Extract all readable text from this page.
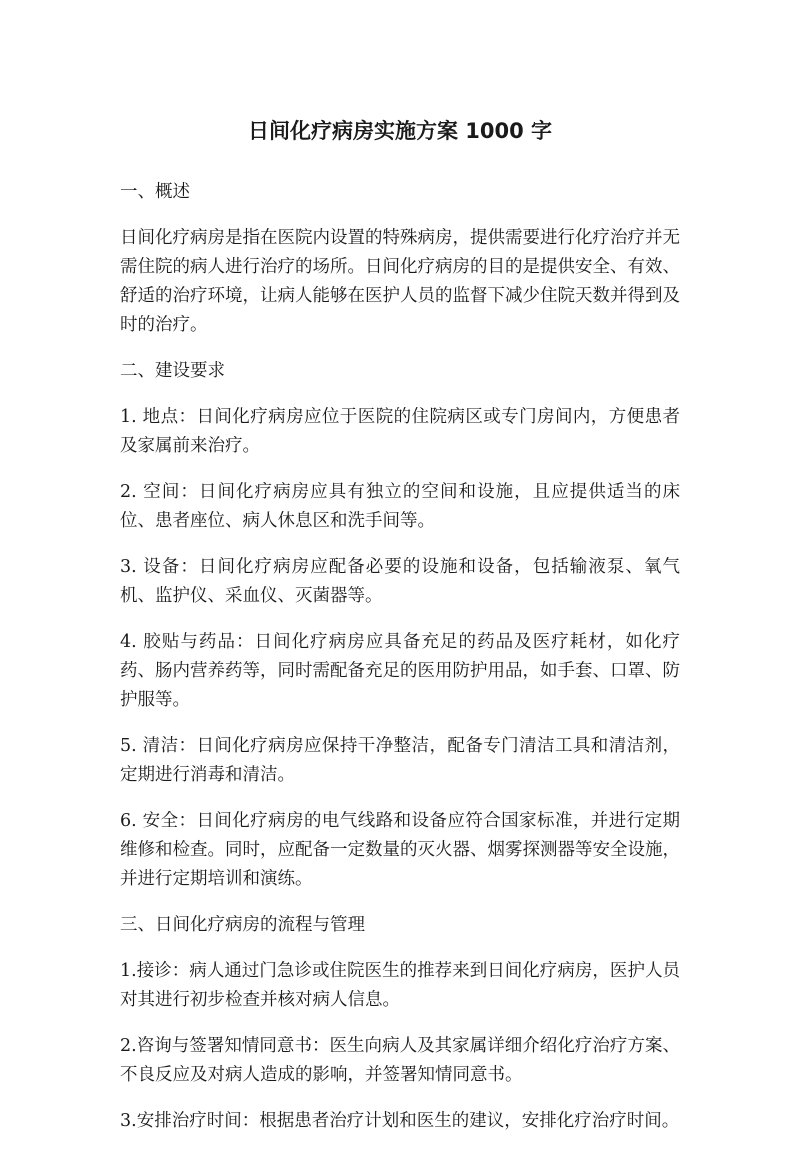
日间化疗病房实施方案 1000 字

一、概述

日间化疗病房是指在医院内设置的特殊病房，提供需要进行化疗治疗并无需住院的病人进行治疗的场所。日间化疗病房的目的是提供安全、有效、舒适的治疗环境，让病人能够在医护人员的监督下减少住院天数并得到及时的治疗。

二、建设要求

1. 地点：日间化疗病房应位于医院的住院病区或专门房间内，方便患者及家属前来治疗。

2. 空间：日间化疗病房应具有独立的空间和设施，且应提供适当的床位、患者座位、病人休息区和洗手间等。

3. 设备：日间化疗病房应配备必要的设施和设备，包括输液泵、氧气机、监护仪、采血仪、灭菌器等。

4. 胶贴与药品：日间化疗病房应具备充足的药品及医疗耗材，如化疗药、肠内营养药等，同时需配备充足的医用防护用品，如手套、口罩、防护服等。

5. 清洁：日间化疗病房应保持干净整洁，配备专门清洁工具和清洁剂，定期进行消毒和清洁。

6. 安全：日间化疗病房的电气线路和设备应符合国家标准，并进行定期维修和检查。同时，应配备一定数量的灭火器、烟雾探测器等安全设施，并进行定期培训和演练。

三、日间化疗病房的流程与管理

1.接诊：病人通过门急诊或住院医生的推荐来到日间化疗病房，医护人员对其进行初步检查并核对病人信息。

2.咨询与签署知情同意书：医生向病人及其家属详细介绍化疗治疗方案、不良反应及对病人造成的影响，并签署知情同意书。

3.安排治疗时间：根据患者治疗计划和医生的建议，安排化疗治疗时间。
